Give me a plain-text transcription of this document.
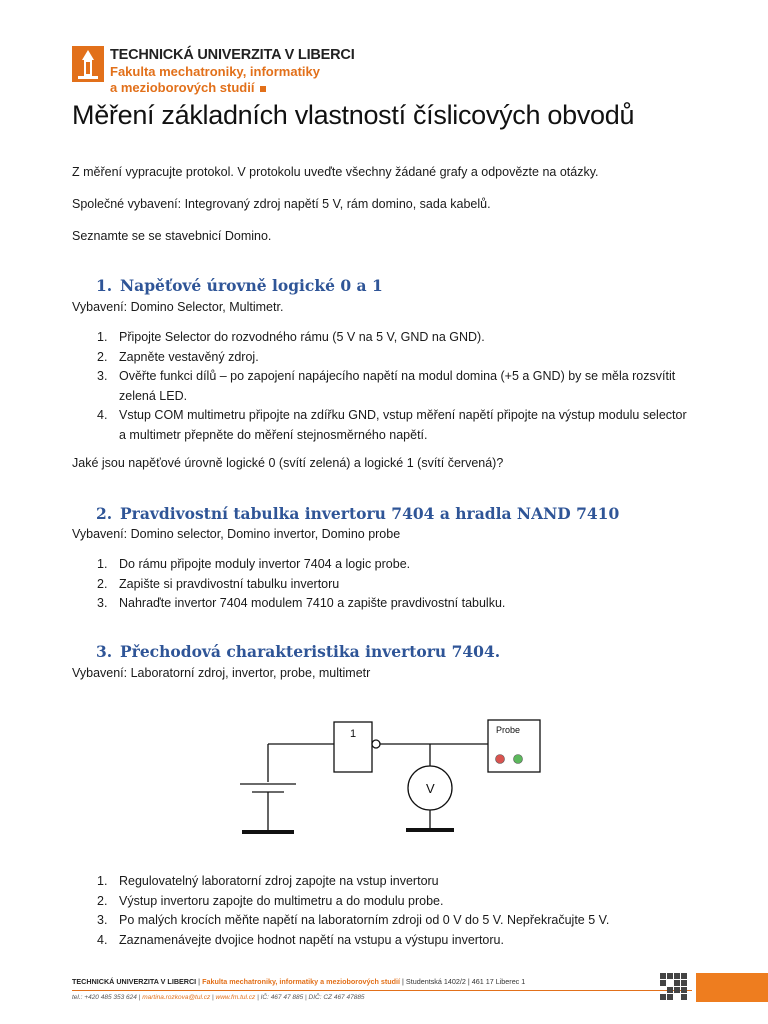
TECHNICKÁ UNIVERZITA V LIBERCI
Fakulta mechatroniky, informatiky
a mezioborových studií
Měření základních vlastností číslicových obvodů
Z měření vypracujte protokol. V protokolu uveďte všechny žádané grafy a odpovězte na otázky.
Společné vybavení: Integrovaný zdroj napětí 5 V, rám domino, sada kabelů.
Seznamte se se stavebnicí Domino.
1. Napěťové úrovně logické 0 a 1
Vybavení: Domino Selector, Multimetr.
1. Připojte Selector do rozvodného rámu (5 V na 5 V, GND na GND).
2. Zapněte vestavěný zdroj.
3. Ověřte funkci dílů – po zapojení napájecího napětí na modul domina (+5 a GND) by se měla rozsvítit zelená LED.
4. Vstup COM multimetru připojte na zdířku GND, vstup měření napětí připojte na výstup modulu selector a multimetr přepněte do měření stejnosměrného napětí.
Jaké jsou napěťové úrovně logické 0 (svítí zelená) a logické 1 (svítí červená)?
2. Pravdivostní tabulka invertoru 7404 a hradla NAND 7410
Vybavení: Domino selector, Domino invertor, Domino probe
1. Do rámu připojte moduly invertor 7404 a logic probe.
2. Zapište si pravdivostní tabulku invertoru
3. Nahraďte invertor 7404 modulem 7410 a zapište pravdivostní tabulku.
3. Přechodová charakteristika invertoru 7404.
Vybavení: Laboratorní zdroj, invertor, probe, multimetr
1
V
Probe
1. Regulovatelný laboratorní zdroj zapojte na vstup invertoru
2. Výstup invertoru zapojte do multimetru a do modulu probe.
3. Po malých krocích měňte napětí na laboratorním zdroji od 0 V do 5 V. Nepřekračujte 5 V.
4. Zaznamenávejte dvojice hodnot napětí na vstupu a výstupu invertoru.
TECHNICKÁ UNIVERZITA V LIBERCI | Fakulta mechatroniky, informatiky a mezioborových studií | Studentská 1402/2 | 461 17 Liberec 1
tel.: +420 485 353 624 | martina.rozkova@tul.cz | www.fm.tul.cz | IČ: 467 47 885 | DIČ: CZ 467 47885
